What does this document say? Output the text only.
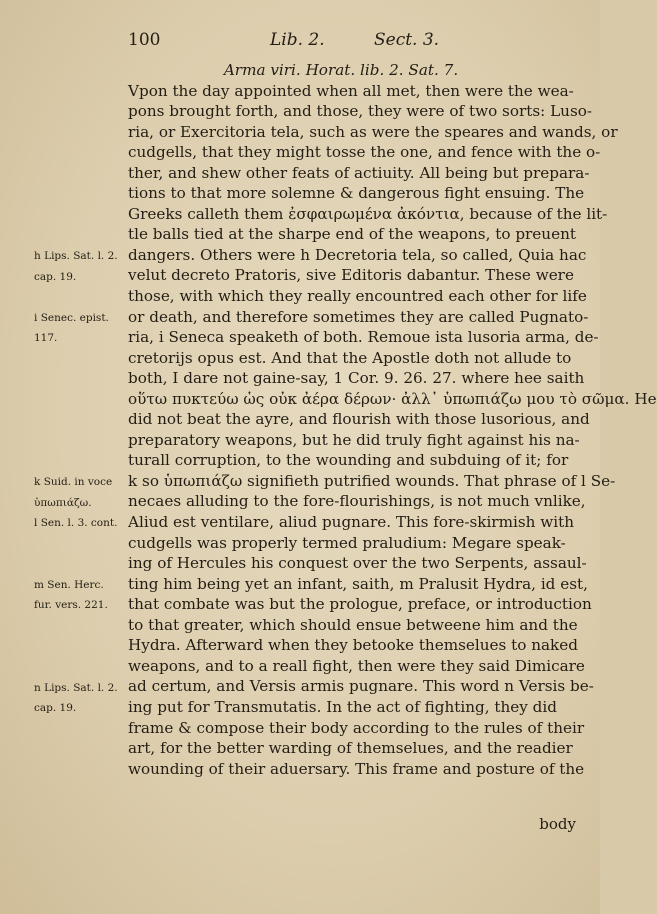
100	Lib. 2.	Sect. 3.
Arma viri. Horat. lib. 2. Sat. 7.
Vpon the day appointed when all met, then were the wea-
pons brought forth, and those, they were of two sorts: Luso-
ria, or Exercitoria tela, such as were the speares and wands, or
cudgells, that they might tosse the one, and fence with the o-
ther, and shew other feats of actiuity. All being but prepara-
tions to that more solemne & dangerous fight ensuing. The
Greeks calleth them ἐσφαιρωμένα ἀκόντια, because of the lit-
tle balls tied at the sharpe end of the weapons, to preuent
dangers. Others were h Decretoria tela, so called, Quia hac
velut decreto Pratoris, sive Editoris dabantur. These were
those, with which they really encountred each other for life
or death, and therefore sometimes they are called Pugnato-
ria, i Seneca speaketh of both. Remoue ista lusoria arma, de-
cretorijs opus est. And that the Apostle doth not allude to
both, I dare not gaine-say, 1 Cor. 9. 26. 27. where hee saith
οὕτω πυκτεύω ὡς οὐκ ἀέρα δέρων· ἀλλ᾽ ὑπωπιάζω μου τὸ σῶμα. He
did not beat the ayre, and flourish with those lusorious, and
preparatory weapons, but he did truly fight against his na-
turall corruption, to the wounding and subduing of it; for
k so ὑπωπιάζω signifieth putrified wounds. That phrase of l Se-
necaes alluding to the fore-flourishings, is not much vnlike,
Aliud est ventilare, aliud pugnare. This fore-skirmish with
cudgells was properly termed praludium: Megare speak-
ing of Hercules his conquest over the two Serpents, assaul-
ting him being yet an infant, saith, m Pralusit Hydra, id est,
that combate was but the prologue, preface, or introduction
to that greater, which should ensue betweene him and the
Hydra. Afterward when they betooke themselues to naked
weapons, and to a reall fight, then were they said Dimicare
ad certum, and Versis armis pugnare. This word n Versis be-
ing put for Transmutatis. In the act of fighting, they did
frame & compose their body according to the rules of their
art, for the better warding of themselues, and the readier
wounding of their aduersary. This frame and posture of the
h Lips. Sat. l. 2.
cap. 19.
i Senec. epist.
117.
k Suid. in voce
ὑπωπιάζω.
l Sen. l. 3. cont.
m Sen. Herc.
fur. vers. 221.
n Lips. Sat. l. 2.
cap. 19.
body
